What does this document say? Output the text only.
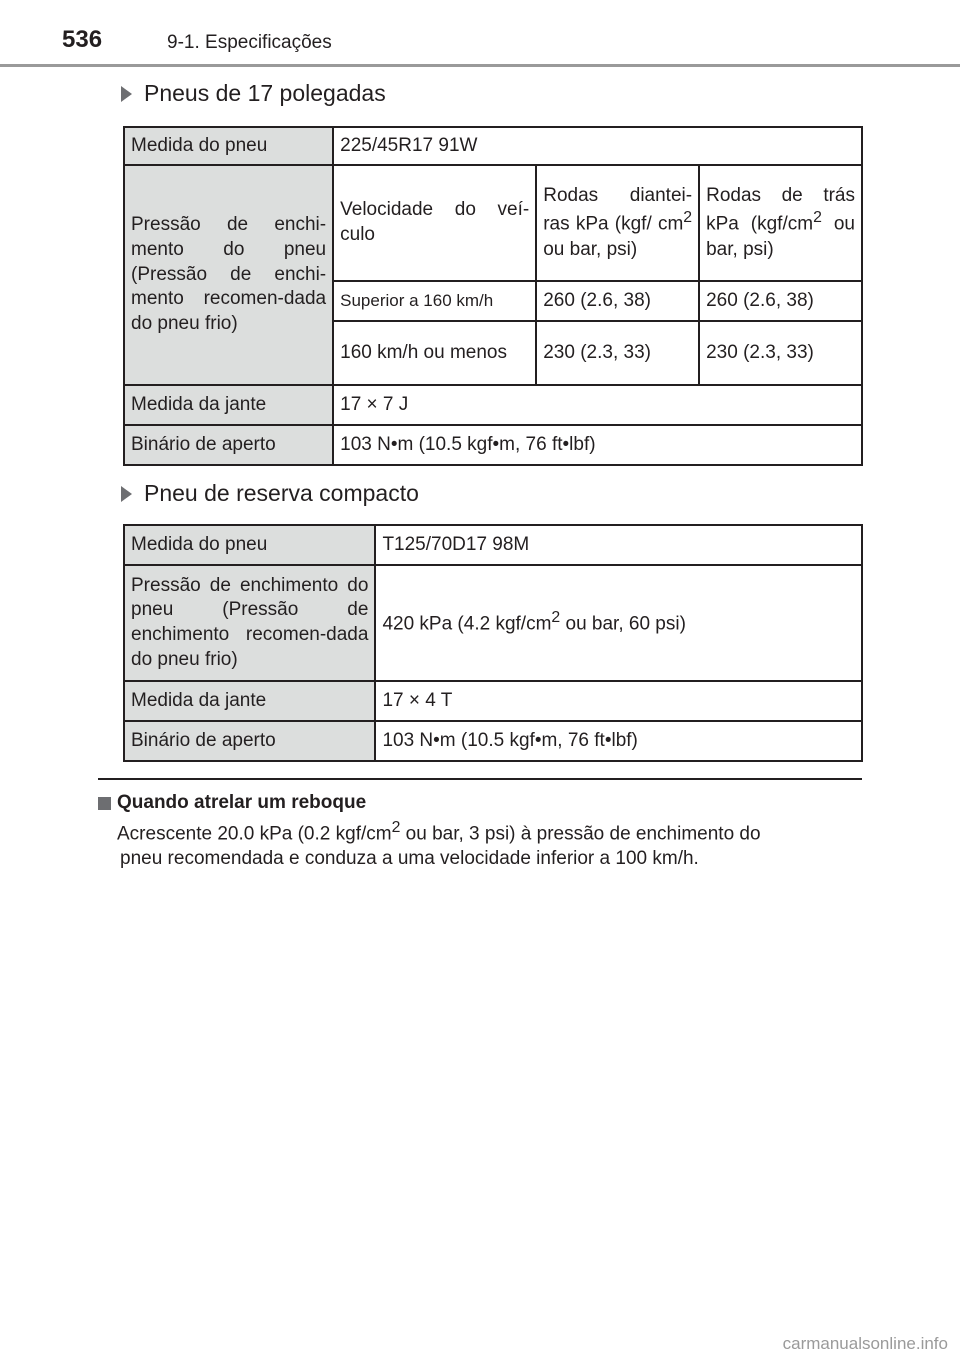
536	9-1. Especificações
Pneus de 17 polegadas
Medida do pneu	225/45R17 91W		
Pressão de enchi-mento do pneu (Pressão de enchi-mento recomen-dada do pneu frio)	Velocidade do veí-culo	Rodas diantei-ras kPa (kgf/ $cm^2$ ou bar, psi)	Rodas de trás kPa ($kgf/cm^2$ ou bar, psi)
	Superior a 160 km/h	260 (2.6, 38)	260 (2.6, 38)
	160 km/h ou menos	230 (2.3, 33)	230 (2.3, 33)
Medida da jante	17 × 7 J		
Binário de aperto	103 N•m (10.5 kgf•m, 76 ft•lbf)		
Pneu de reserva compacto
Medida do pneu	T125/70D17 98M
Pressão de enchimento do pneu (Pressão de enchimento recomen-dada do pneu frio)	420 kPa (4.2 kgf/$cm^2$ ou bar, 60 psi)
Medida da jante	17 × 4 T
Binário de aperto	103 N•m (10.5 kgf•m, 76 ft•lbf)
Quando atrelar um reboque
Acrescente 20.0 kPa (0.2 kgf/$cm^2$ ou bar, 3 psi) à pressão de enchimento do
pneu recomendada e conduza a uma velocidade inferior a 100 km/h.
carmanualsonline.info
